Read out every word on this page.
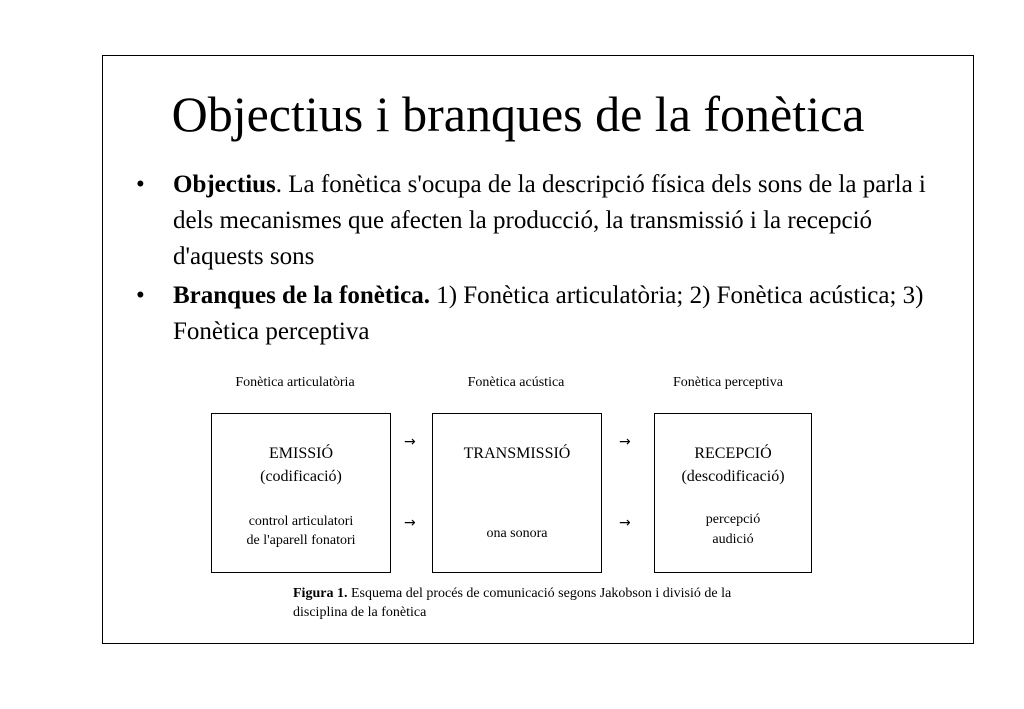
Objectius i branques de la fonètica
• Objectius. La fonètica s'ocupa de la descripció física dels sons de la parla i dels mecanismes que afecten la producció, la transmissió i la recepció d'aquests sons
• Branques de la fonètica. 1) Fonètica articulatòria; 2) Fonètica acústica; 3) Fonètica perceptiva
Fonètica articulatòria	Fonètica acústica	Fonètica perceptiva
EMISSIÓ
(codificació)
control articulatori
de l'aparell fonatori
TRANSMISSIÓ
ona sonora
RECEPCIÓ
(descodificació)
percepció
audició
→
→
→
→
Figura 1. Esquema del procés de comunicació segons Jakobson i divisió de la disciplina de la fonètica
